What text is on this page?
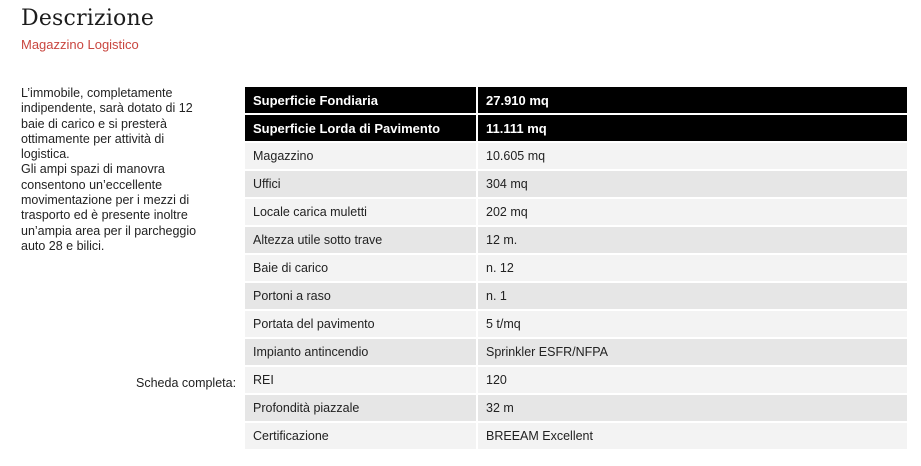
Descrizione
Magazzino Logistico
L’immobile, completamente
indipendente, sarà dotato di 12
baie di carico e si presterà
ottimamente per attività di
logistica.
Gli ampi spazi di manovra
consentono un’eccellente
movimentazione per i mezzi di
trasporto ed è presente inoltre
un’ampia area per il parcheggio
auto 28 e bilici.
Scheda completa:
Superficie Fondiaria	27.910 mq
Superficie Lorda di Pavimento	11.111 mq
Magazzino	10.605 mq
Uffici	304 mq
Locale carica muletti	202 mq
Altezza utile sotto trave	12 m.
Baie di carico	n. 12
Portoni a raso	n. 1
Portata del pavimento	5 t/mq
Impianto antincendio	Sprinkler ESFR/NFPA
REI	120
Profondità piazzale	32 m
Certificazione	BREEAM Excellent
